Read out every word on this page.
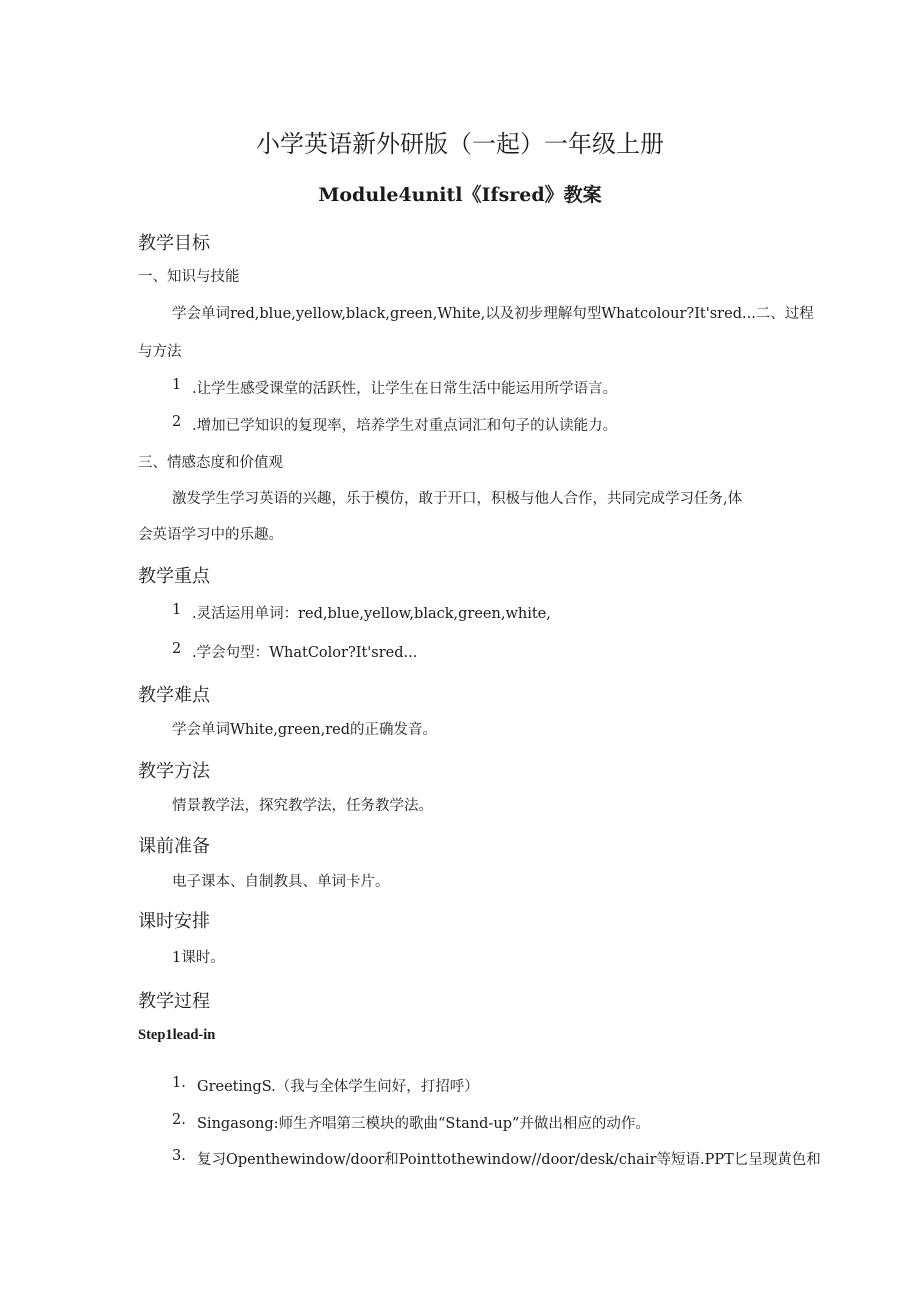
小学英语新外研版（一起）一年级上册
Module4unitl《Ifsred》教案
教学目标
一、知识与技能
学会单词red,blue,yellow,black,green,White,以及初步理解句型Whatcolour?It'sred...二、过程
与方法
1 .让学生感受课堂的活跃性，让学生在日常生活中能运用所学语言。
2 .增加已学知识的复现率，培养学生对重点词汇和句子的认读能力。
三、情感态度和价值观
激发学生学习英语的兴趣，乐于模仿，敢于开口，积极与他人合作，共同完成学习任务,体
会英语学习中的乐趣。
教学重点
1 .灵活运用单词：red,blue,yellow,black,green,white,
2 .学会句型：WhatColor?It'sred...
教学难点
学会单词White,green,red的正确发音。
教学方法
情景教学法，探究教学法，任务教学法。
课前准备
电子课本、自制教具、单词卡片。
课时安排
1课时。
教学过程
Step1lead-in
1. GreetingS.（我与全体学生问好，打招呼）
2. Singasong:师生齐唱第三模块的歌曲“Stand-up”并做出相应的动作。
3. 复习Openthewindow/door和Pointtothewindow//door/desk/chair等短语.PPT匕呈现黄色和
